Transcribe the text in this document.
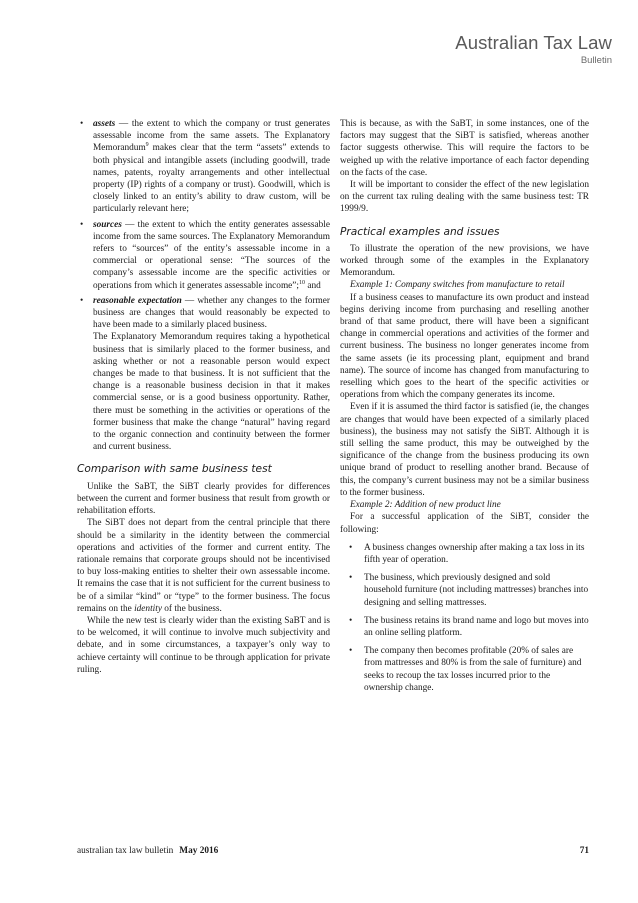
Australian Tax Law
Bulletin
• assets — the extent to which the company or trust generates assessable income from the same assets. The Explanatory Memorandum$^9$ makes clear that the term “assets” extends to both physical and intangible assets (including goodwill, trade names, patents, royalty arrangements and other intellectual property (IP) rights of a company or trust). Goodwill, which is closely linked to an entity’s ability to draw custom, will be particularly relevant here;
• sources — the extent to which the entity generates assessable income from the same sources. The Explanatory Memorandum refers to “sources” of the entity’s assessable income in a commercial or operational sense: “The sources of the company’s assessable income are the specific activities or operations from which it generates assessable income”;$^{10}$ and
• reasonable expectation — whether any changes to the former business are changes that would reasonably be expected to have been made to a similarly placed business.

The Explanatory Memorandum requires taking a hypothetical business that is similarly placed to the former business, and asking whether or not a reasonable person would expect changes be made to that business. It is not sufficient that the change is a reasonable business decision in that it makes commercial sense, or is a good business opportunity. Rather, there must be something in the activities or operations of the former business that make the change “natural” having regard to the organic connection and continuity between the former and current business.

Comparison with same business test

Unlike the SaBT, the SiBT clearly provides for differences between the current and former business that result from growth or rehabilitation efforts.

The SiBT does not depart from the central principle that there should be a similarity in the identity between the commercial operations and activities of the former and current entity. The rationale remains that corporate groups should not be incentivised to buy loss-making entities to shelter their own assessable income. It remains the case that it is not sufficient for the current business to be of a similar “kind” or “type” to the former business. The focus remains on the identity of the business.

While the new test is clearly wider than the existing SaBT and is to be welcomed, it will continue to involve much subjectivity and debate, and in some circumstances, a taxpayer’s only way to achieve certainty will continue to be through application for private ruling.

This is because, as with the SaBT, in some instances, one of the factors may suggest that the SiBT is satisfied, whereas another factor suggests otherwise. This will require the factors to be weighed up with the relative importance of each factor depending on the facts of the case.

It will be important to consider the effect of the new legislation on the current tax ruling dealing with the same business test: TR 1999/9.

Practical examples and issues

To illustrate the operation of the new provisions, we have worked through some of the examples in the Explanatory Memorandum.

Example 1: Company switches from manufacture to retail

If a business ceases to manufacture its own product and instead begins deriving income from purchasing and reselling another brand of that same product, there will have been a significant change in commercial operations and activities of the former and current business. The business no longer generates income from the same assets (ie its processing plant, equipment and brand name). The source of income has changed from manufacturing to reselling which goes to the heart of the specific activities or operations from which the company generates its income.

Even if it is assumed the third factor is satisfied (ie, the changes are changes that would have been expected of a similarly placed business), the business may not satisfy the SiBT. Although it is still selling the same product, this may be outweighed by the significance of the change from the business producing its own unique brand of product to reselling another brand. Because of this, the company’s current business may not be a similar business to the former business.

Example 2: Addition of new product line

For a successful application of the SiBT, consider the following:

• A business changes ownership after making a tax loss in its fifth year of operation.
• The business, which previously designed and sold household furniture (not including mattresses) branches into designing and selling mattresses.
• The business retains its brand name and logo but moves into an online selling platform.
• The company then becomes profitable (20% of sales are from mattresses and 80% is from the sale of furniture) and seeks to recoup the tax losses incurred prior to the ownership change.
australian tax law bulletin May 2016	71
